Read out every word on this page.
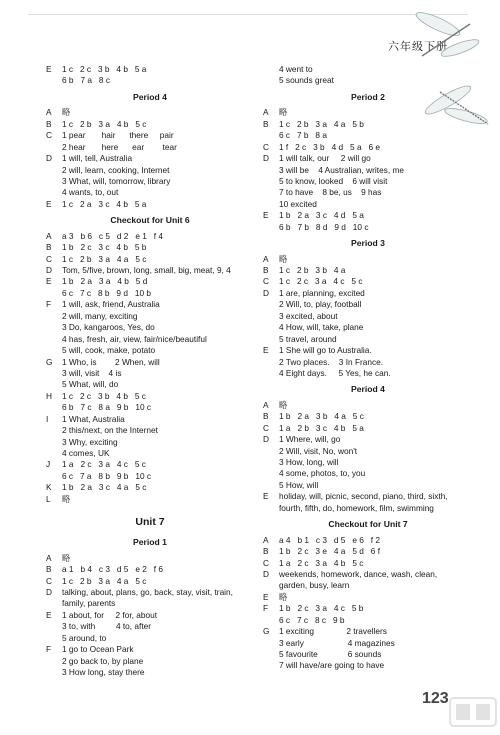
六年级下册
E 1 c   2 c   3 b   4 b   5 a
6 b   7 a   8 c
Period 4
A 略
B 1 c   2 b   3 a   4 b   5 c
C 1 pear       hair      there     pair
2 hear       here      ear        tear
D 1 will, tell, Australia
2 will, learn, cooking, Internet
3 What, will, tomorrow, library
4 wants, to, out
E 1 c   2 a   3 c   4 b   5 a
Checkout for Unit 6
A a 3   b 6   c 5   d 2   e 1   f 4
B 1 b   2 c   3 c   4 b   5 b
C 1 c   2 b   3 a   4 a   5 c
D Tom, 5/five, brown, long, small, big, meat, 9, 4
E 1 b   2 a   3 a   4 b   5 d
6 c   7 c   8 b   9 d   10 b
F 1 will, ask, friend, Australia
2 will, many, exciting
3 Do, kangaroos, Yes, do
4 has, fresh, air, view, fair/nice/beautiful
5 will, cook, make, potato
G 1 Who, is        2 When, will
3 will, visit    4 is
5 What, will, do
H 1 c   2 c   3 b   4 b   5 c
6 b   7 c   8 a   9 b   10 c
I 1 What, Australia
2 this/next, on the Internet
3 Why, exciting
4 comes, UK
J 1 a   2 c   3 a   4 c   5 c
6 c   7 a   8 b   9 b   10 c
K 1 b   2 a   3 c   4 a   5 c
L 略
Unit 7
Period 1
A 略
B a 1   b 4   c 3   d 5   e 2   f 6
C 1 c   2 b   3 a   4 a   5 c
D talking, about, plans, go, back, stay, visit, train,
family, parents
E 1 about, for     2 for, about
3 to, with         4 to, after
5 around, to
F 1 go to Ocean Park
2 go back to, by plane
3 How long, stay there
4 went to
5 sounds great
Period 2
A 略
B 1 c   2 b   3 a   4 a   5 b
6 c   7 b   8 a
C 1 f   2 c   3 b   4 d   5 a   6 e
D 1 will talk, our     2 will go
3 will be    4 Australian, writes, me
5 to know, looked    6 will visit
7 to have    8 be, us    9 has
10 excited
E 1 b   2 a   3 c   4 d   5 a
6 b   7 b   8 d   9 d   10 c
Period 3
A 略
B 1 c   2 b   3 b   4 a
C 1 c   2 c   3 a   4 c   5 c
D 1 are, planning, excited
2 Will, to, play, football
3 excited, about
4 How, will, take, plane
5 travel, around
E 1 She will go to Australia.
2 Two places.    3 In France.
4 Eight days.     5 Yes, he can.
Period 4
A 略
B 1 b   2 a   3 b   4 a   5 c
C 1 a   2 b   3 c   4 b   5 a
D 1 Where, will, go
2 Will, visit, No, won't
3 How, long, will
4 some, photos, to, you
5 How, will
E holiday, will, picnic, second, piano, third, sixth,
fourth, fifth, do, homework, film, swimming
Checkout for Unit 7
A a 4   b 1   c 3   d 5   e 6   f 2
B 1 b   2 c   3 e   4 a   5 d   6 f
C 1 a   2 c   3 a   4 b   5 c
D weekends, homework, dance, wash, clean,
garden, busy, learn
E 略
F 1 b   2 c   3 a   4 c   5 b
6 c   7 c   8 c   9 b
G 1 exciting              2 travellers
3 early                   4 magazines
5 favourite             6 sounds
7 will have/are going to have
123
